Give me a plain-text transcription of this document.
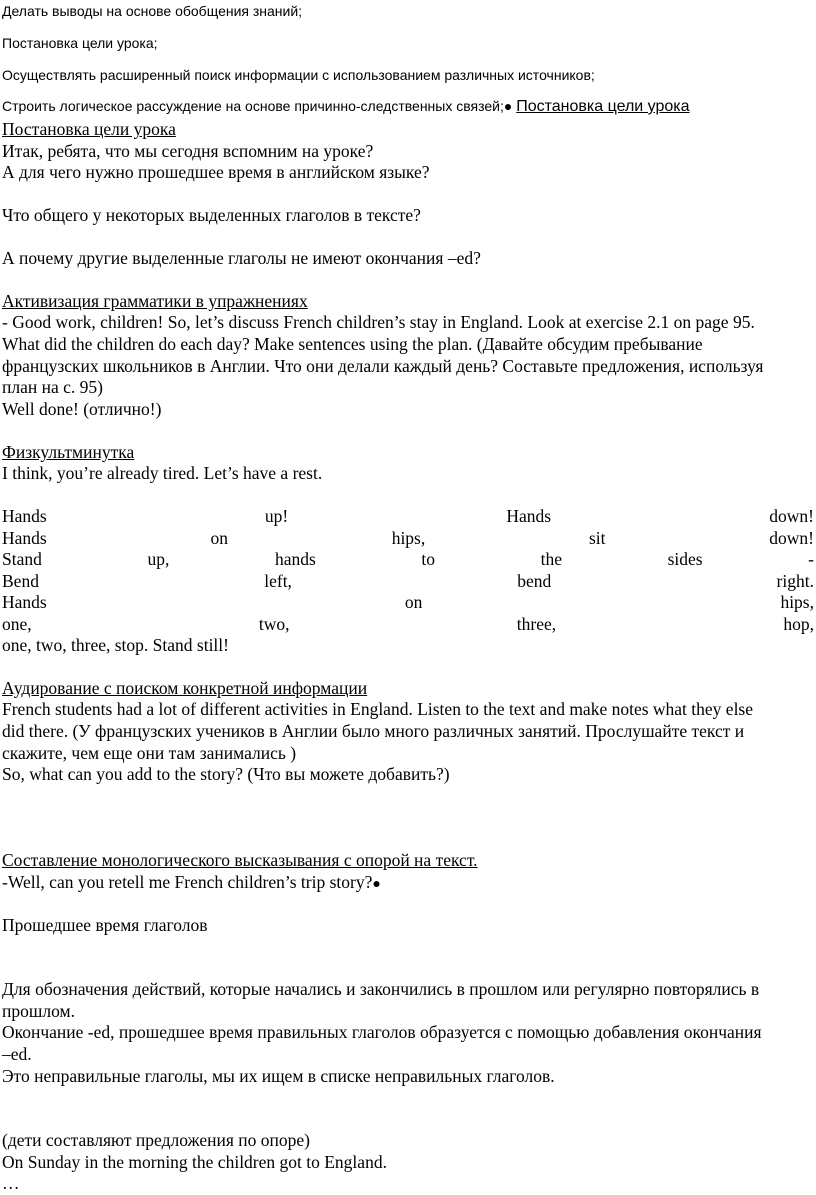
Делать выводы на основе обобщения знаний;
Постановка цели урока;
Осуществлять расширенный поиск информации с использованием различных источников;
Строить логическое рассуждение на основе причинно-следственных связей;● Постановка цели урока
Постановка цели урока
Итак, ребята, что мы сегодня вспомним на уроке?
А для чего нужно прошедшее время в английском языке?
Что общего у некоторых выделенных глаголов в тексте?
А почему другие выделенные глаголы не имеют окончания –ed?
Активизация грамматики в упражнениях
- Good work, children! So, let’s discuss French children’s stay in England. Look at exercise 2.1 on page 95.
What did the children do each day? Make sentences using the plan. (Давайте обсудим пребывание
французских школьников в Англии. Что они делали каждый день? Составьте предложения, используя
план на с. 95)
Well done! (отлично!)
Физкультминутка
I think, you’re already tired. Let’s have a rest.
Hands	up!	Hands	down!
Hands	on	hips,	sit	down!
Stand	up,	hands	to	the	sides	-
Bend	left,	bend	right.
Hands	on	hips,
one,	two,	three,	hop,
one, two, three, stop. Stand still!
Аудирование с поиском конкретной информации
French students had a lot of different activities in England. Listen to the text and make notes what they else
did there. (У французских учеников в Англии было много различных занятий. Прослушайте текст и
скажите, чем еще они там занимались )
So, what can you add to the story? (Что вы можете добавить?)
Составление монологического высказывания с опорой на текст.
-Well, can you retell me French children’s trip story?●
Прошедшее время глаголов
Для обозначения действий, которые начались и закончились в прошлом или регулярно повторялись в
прошлом.
Окончание -ed, прошедшее время правильных глаголов образуется с помощью добавления окончания
–ed.
Это неправильные глаголы, мы их ищем в списке неправильных глаголов.
(дети составляют предложения по опоре)
On Sunday in the morning the children got to England.
…
